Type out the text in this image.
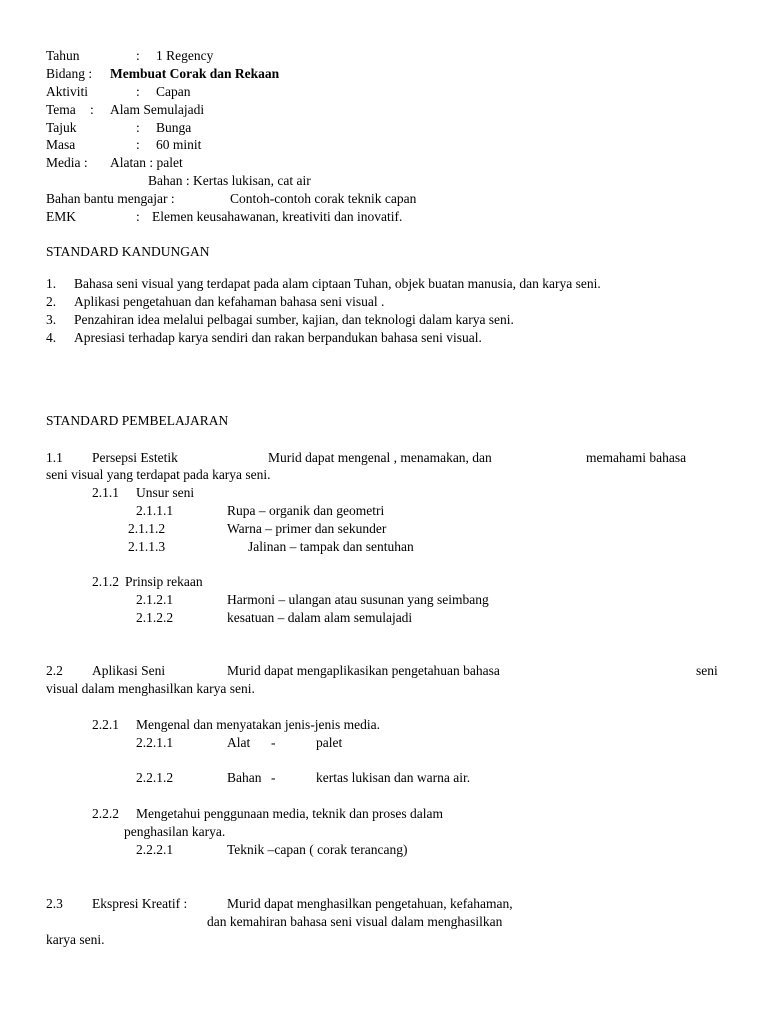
Tahun	: 1 Regency
Bidang : Membuat Corak dan Rekaan
Aktiviti	: Capan
Tema : Alam Semulajadi
Tajuk	: Bunga
Masa	: 60 minit
Media : Alatan : palet
Bahan : Kertas lukisan, cat air
Bahan bantu mengajar :	Contoh-contoh corak teknik capan
EMK	: Elemen keusahawanan, kreativiti dan inovatif.
STANDARD KANDUNGAN
1. Bahasa seni visual yang terdapat pada alam ciptaan Tuhan, objek buatan manusia, dan karya seni.
2. Aplikasi pengetahuan dan kefahaman bahasa seni visual .
3. Penzahiran idea melalui pelbagai sumber, kajian, dan teknologi dalam karya seni.
4. Apresiasi terhadap karya sendiri dan rakan berpandukan bahasa seni visual.
STANDARD PEMBELAJARAN
1.1 Persepsi Estetik	Murid dapat mengenal , menamakan, dan	memahami bahasa
seni visual yang terdapat pada karya seni.
2.1.1 Unsur seni
2.1.1.1	Rupa – organik dan geometri
2.1.1.2	Warna – primer dan sekunder
2.1.1.3	Jalinan – tampak dan sentuhan
2.1.2 Prinsip rekaan
2.1.2.1	Harmoni – ulangan atau susunan yang seimbang
2.1.2.2	kesatuan – dalam alam semulajadi
2.2 Aplikasi Seni	Murid dapat mengaplikasikan pengetahuan bahasa	seni
visual dalam menghasilkan karya seni.
2.2.1 Mengenal dan menyatakan jenis-jenis media.
2.2.1.1	Alat -	palet
2.2.1.2	Bahan -	kertas lukisan dan warna air.
2.2.2 Mengetahui penggunaan media, teknik dan proses dalam
penghasilan karya.
2.2.2.1	Teknik –capan ( corak terancang)
2.3 Ekspresi Kreatif :	Murid dapat menghasilkan pengetahuan, kefahaman,
dan kemahiran bahasa seni visual dalam menghasilkan
karya seni.
